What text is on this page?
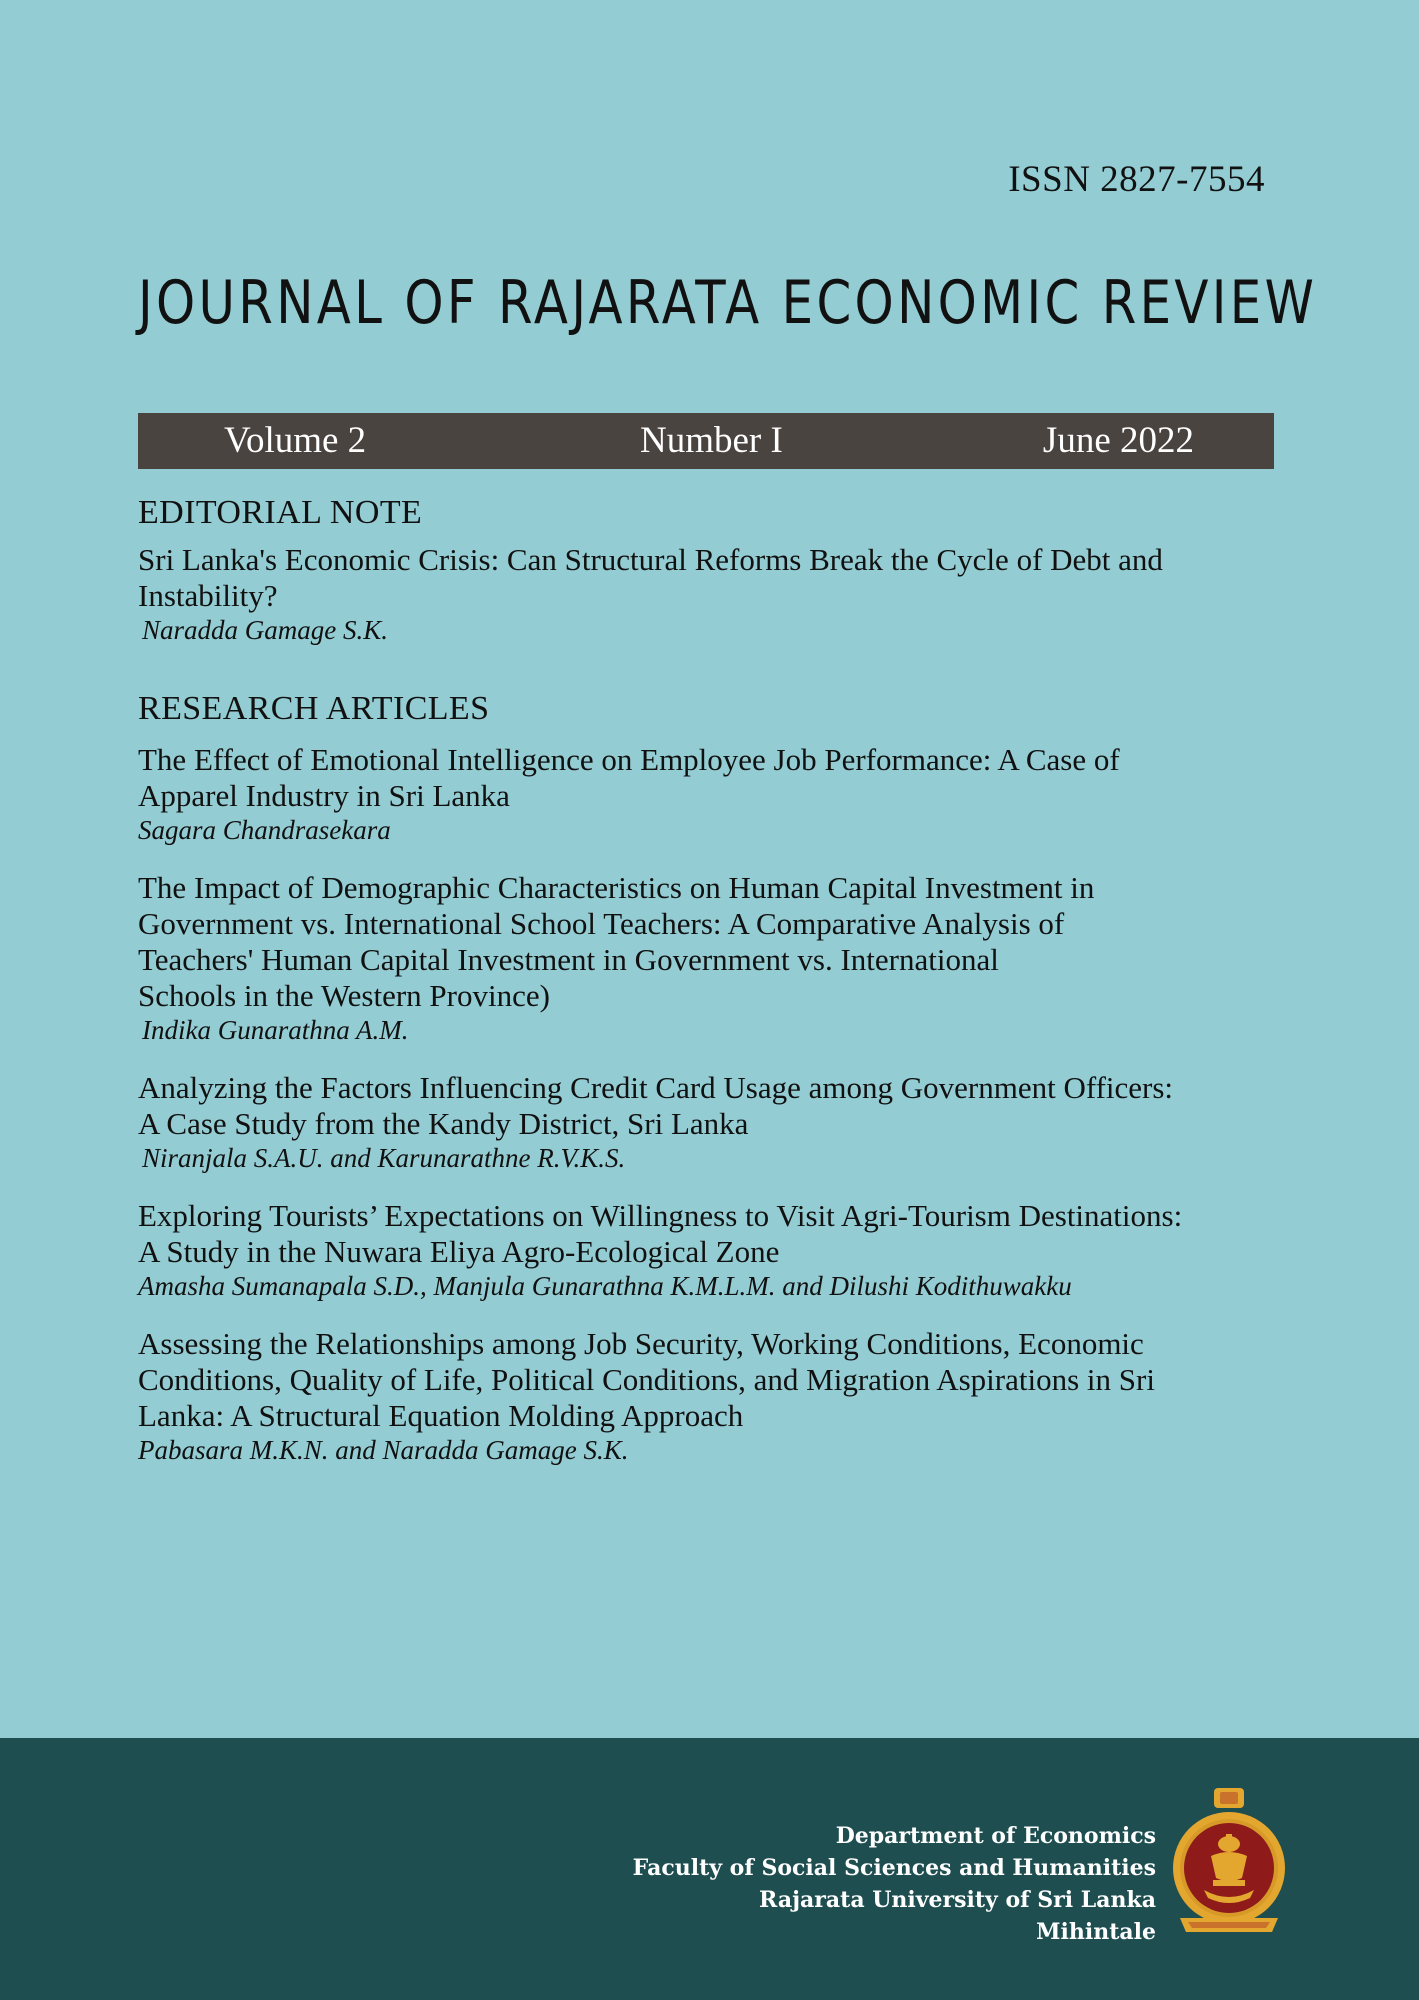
ISSN 2827-7554
JOURNAL OF RAJARATA ECONOMIC REVIEW
Volume 2	Number I	June 2022
EDITORIAL NOTE

Sri Lanka's Economic Crisis: Can Structural Reforms Break the Cycle of Debt and
Instability?

Naradda Gamage S.K.

RESEARCH ARTICLES

The Effect of Emotional Intelligence on Employee Job Performance: A Case of
Apparel Industry in Sri Lanka

Sagara Chandrasekara

The Impact of Demographic Characteristics on Human Capital Investment in
Government vs. International School Teachers: A Comparative Analysis of
Teachers' Human Capital Investment in Government vs. International
Schools in the Western Province)

Indika Gunarathna A.M.

Analyzing the Factors Influencing Credit Card Usage among Government Officers:
A Case Study from the Kandy District, Sri Lanka

Niranjala S.A.U. and Karunarathne R.V.K.S.

Exploring Tourists’ Expectations on Willingness to Visit Agri-Tourism Destinations:
A Study in the Nuwara Eliya Agro-Ecological Zone

Amasha Sumanapala S.D., Manjula Gunarathna K.M.L.M. and Dilushi Kodithuwakku

Assessing the Relationships among Job Security, Working Conditions, Economic
Conditions, Quality of Life, Political Conditions, and Migration Aspirations in Sri
Lanka: A Structural Equation Molding Approach

Pabasara M.K.N. and Naradda Gamage S.K.

Department of Economics
Faculty of Social Sciences and Humanities
Rajarata University of Sri Lanka
Mihintale
